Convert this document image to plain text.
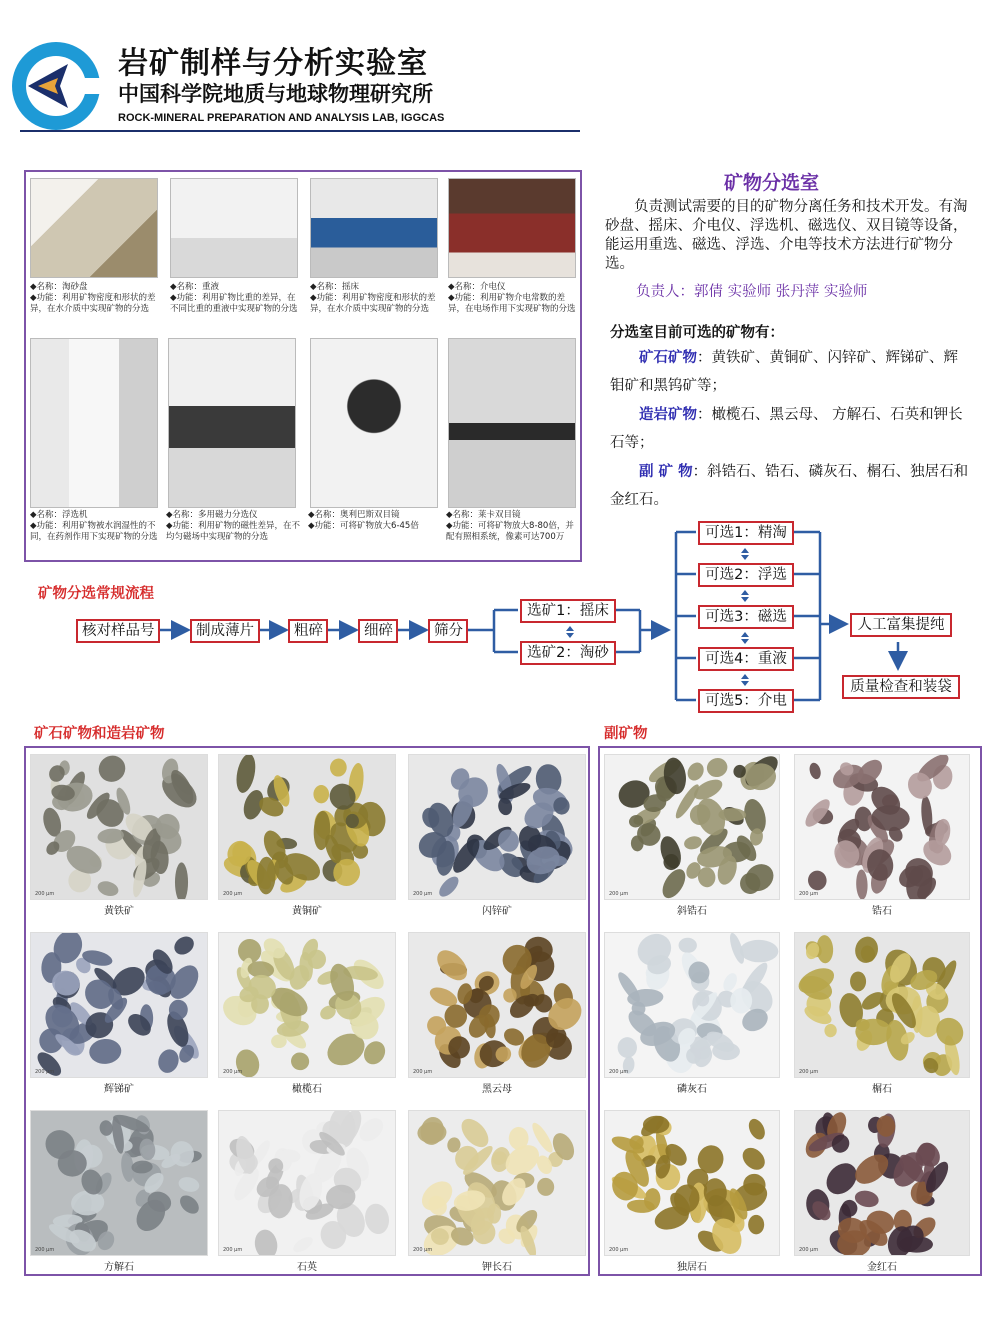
岩矿制样与分析实验室
中国科学院地质与地球物理研究所
ROCK-MINERAL PREPARATION AND ANALYSIS LAB, IGGCAS
◆名称：淘砂盘
◆功能：利用矿物密度和形状的差异，在水介质中实现矿物的分选
◆名称：重液
◆功能：利用矿物比重的差异，在不同比重的重液中实现矿物的分选
◆名称：摇床
◆功能：利用矿物密度和形状的差异，在水介质中实现矿物的分选
◆名称：介电仪
◆功能：利用矿物介电常数的差异，在电场作用下实现矿物的分选
◆名称：浮选机
◆功能：利用矿物被水润湿性的不同，在药剂作用下实现矿物的分选
◆名称：多用磁力分选仪
◆功能：利用矿物的磁性差异，在不均匀磁场中实现矿物的分选
◆名称：奥利巴斯双目镜
◆功能：可将矿物放大6-45倍
◆名称：莱卡双目镜
◆功能：可将矿物放大8-80倍，并配有照相系统，像素可达700万
矿物分选室
负责测试需要的目的矿物分离任务和技术开发。有淘砂盘、摇床、介电仪、浮选机、磁选仪、双目镜等设备，能运用重选、磁选、浮选、介电等技术方法进行矿物分选。
负责人：郭倩 实验师 张丹萍 实验师
分选室目前可选的矿物有：
矿石矿物：黄铁矿、黄铜矿、闪锌矿、辉锑矿、辉钼矿和黑钨矿等；
造岩矿物：橄榄石、黑云母、 方解石、石英和钾长石等；
副 矿 物：斜锆石、锆石、磷灰石、榍石、独居石和金红石。
矿物分选常规流程
核对样品号	制成薄片	粗碎	细碎	筛分
选矿1：摇床
选矿2：淘砂
可选1：精淘
可选2：浮选
可选3：磁选
可选4：重液
可选5：介电
人工富集提纯
质量检查和装袋
矿石矿物和造岩矿物	副矿物
200 μm
黄铁矿
200 μm
黄铜矿
200 μm
闪锌矿
200 μm
辉锑矿
200 μm
橄榄石
200 μm
黑云母
200 μm
方解石
200 μm
石英
200 μm
钾长石
200 μm
斜锆石
200 μm
锆石
200 μm
磷灰石
200 μm
榍石
200 μm
独居石
200 μm
金红石
